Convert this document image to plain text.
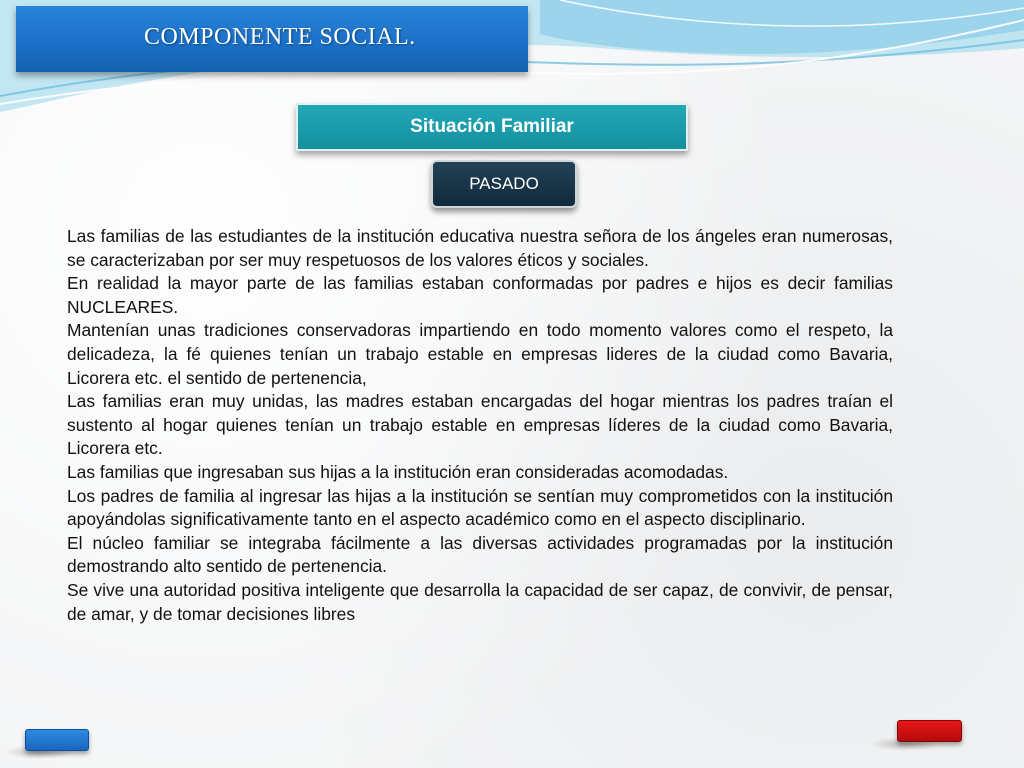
COMPONENTE SOCIAL.
Situación Familiar
PASADO

Las familias de las estudiantes de la institución educativa nuestra señora de los ángeles eran numerosas, se caracterizaban por ser muy respetuosos de los valores éticos y sociales.

En realidad la mayor parte de las familias estaban conformadas por padres e hijos es decir familias NUCLEARES.

Mantenían unas tradiciones conservadoras impartiendo en todo momento valores como el respeto, la delicadeza, la fé quienes tenían un trabajo estable en empresas lideres de la ciudad como Bavaria, Licorera etc. el sentido de pertenencia,

Las familias eran muy unidas, las madres estaban encargadas del hogar mientras los padres traían el sustento al hogar quienes tenían un trabajo estable en empresas líderes de la ciudad como Bavaria, Licorera etc.

Las familias que ingresaban sus hijas a la institución eran consideradas acomodadas.

Los padres de familia al ingresar las hijas a la institución se sentían muy comprometidos con la institución apoyándolas significativamente tanto en el aspecto académico como en el aspecto disciplinario.

El núcleo familiar se integraba fácilmente a las diversas actividades programadas por la institución demostrando alto sentido de pertenencia.

Se vive una autoridad positiva inteligente que desarrolla la capacidad de ser capaz, de convivir, de pensar, de amar, y de tomar decisiones libres
